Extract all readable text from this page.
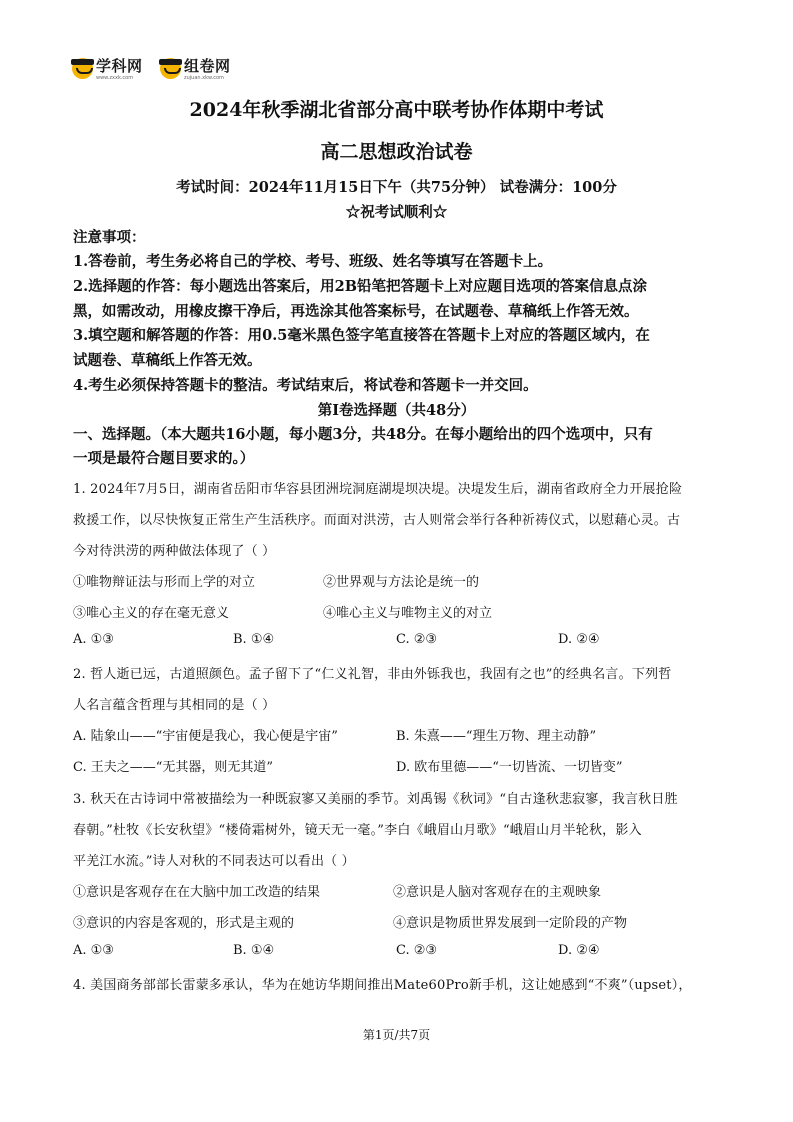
学科网
www.zxxk.com
组卷网
zujuan.xkw.com
2024年秋季湖北省部分高中联考协作体期中考试
高二思想政治试卷
考试时间：2024年11月15日下午（共75分钟） 试卷满分：100分
☆祝考试顺利☆
注意事项：
1.答卷前，考生务必将自己的学校、考号、班级、姓名等填写在答题卡上。
2.选择题的作答：每小题选出答案后，用2B铅笔把答题卡上对应题目选项的答案信息点涂
黑，如需改动，用橡皮擦干净后，再选涂其他答案标号，在试题卷、草稿纸上作答无效。
3.填空题和解答题的作答：用0.5毫米黑色签字笔直接答在答题卡上对应的答题区域内，在
试题卷、草稿纸上作答无效。
4.考生必须保持答题卡的整洁。考试结束后，将试卷和答题卡一并交回。
第Ⅰ卷选择题（共48分）
一、选择题。（本大题共16小题，每小题3分，共48分。在每小题给出的四个选项中，只有
一项是最符合题目要求的。）
1. 2024年7月5日，湖南省岳阳市华容县团洲垸洞庭湖堤坝决堤。决堤发生后，湖南省政府全力开展抢险
救援工作，以尽快恢复正常生产生活秩序。而面对洪涝，古人则常会举行各种祈祷仪式，以慰藉心灵。古
今对待洪涝的两种做法体现了（ ）
①唯物辩证法与形而上学的对立	②世界观与方法论是统一的
③唯心主义的存在毫无意义	④唯心主义与唯物主义的对立
A. ①③	B. ①④	C. ②③	D. ②④
2. 哲人逝已远，古道照颜色。孟子留下了“仁义礼智，非由外铄我也，我固有之也”的经典名言。下列哲
人名言蕴含哲理与其相同的是（ ）
A. 陆象山——“宇宙便是我心，我心便是宇宙”	B. 朱熹——“理生万物、理主动静”
C. 王夫之——“无其器，则无其道”	D. 欧布里德——“一切皆流、一切皆变”
3. 秋天在古诗词中常被描绘为一种既寂寥又美丽的季节。刘禹锡《秋词》“自古逢秋悲寂寥，我言秋日胜
春朝。”杜牧《长安秋望》“楼倚霜树外，镜天无一毫。”李白《峨眉山月歌》“峨眉山月半轮秋，影入
平羌江水流。”诗人对秋的不同表达可以看出（ ）
①意识是客观存在在大脑中加工改造的结果	②意识是人脑对客观存在的主观映象
③意识的内容是客观的，形式是主观的	④意识是物质世界发展到一定阶段的产物
A. ①③	B. ①④	C. ②③	D. ②④
4. 美国商务部部长雷蒙多承认，华为在她访华期间推出Mate60Pro新手机，这让她感到“不爽”（upset），
第1页/共7页
